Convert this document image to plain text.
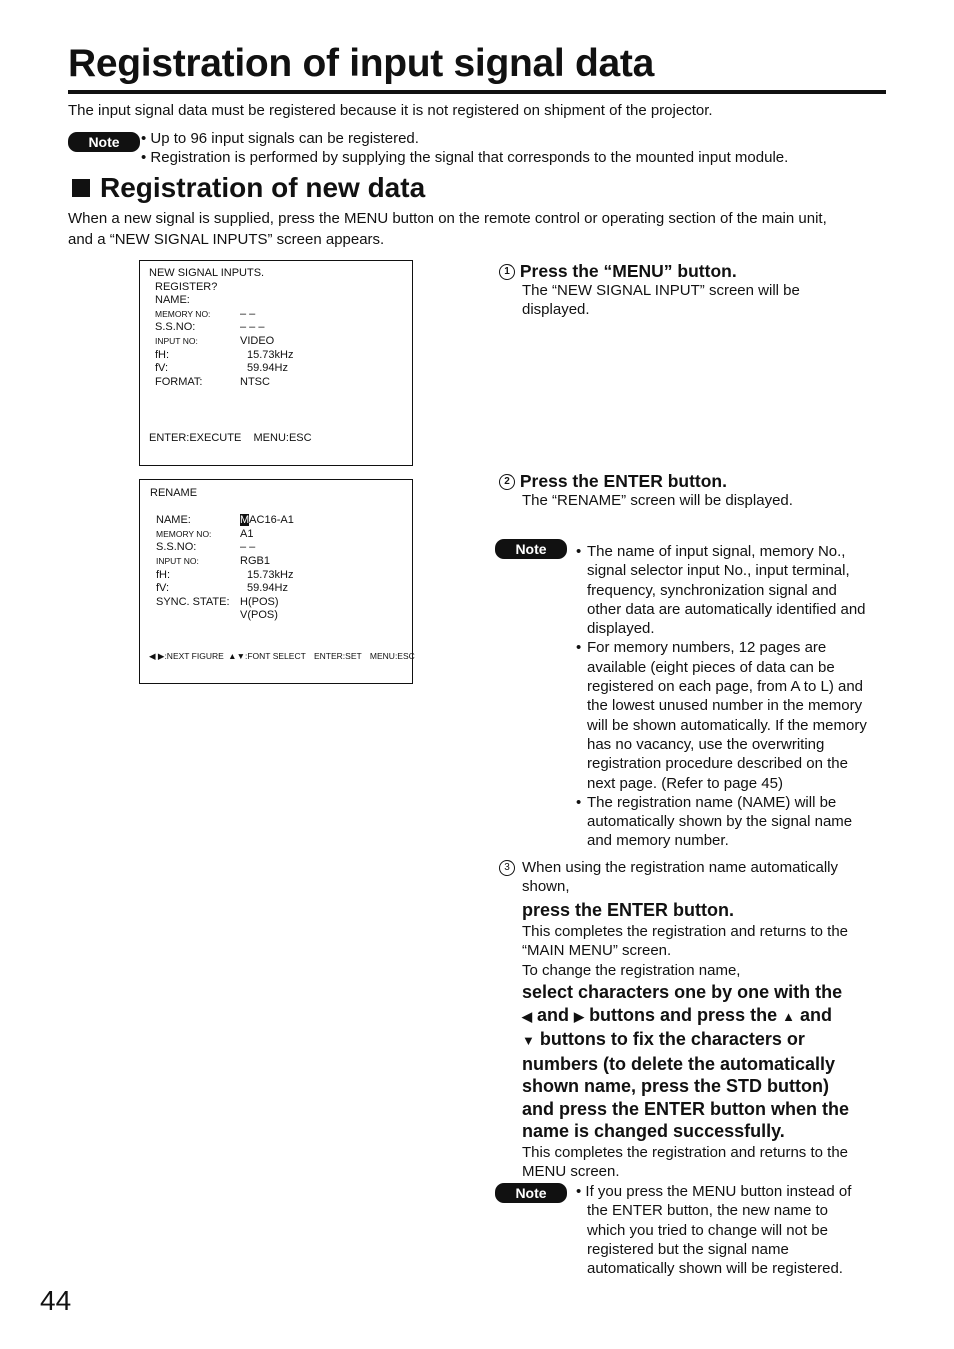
Registration of input signal data
The input signal data must be registered because it is not registered on shipment of the projector.
Note	• Up to 96 input signals can be registered.
• Registration is performed by supplying the signal that corresponds to the mounted input module.
Registration of new data
When a new signal is supplied, press the MENU button on the remote control or operating section of the main unit,
and a “NEW SIGNAL INPUTS” screen appears.
NEW SIGNAL INPUTS.
REGISTER?
NAME:
MEMORY NO:	– –
S.S.NO:	– – –
INPUT NO:	VIDEO
fH:	15.73kHz
fV:	59.94Hz
FORMAT:	NTSC
ENTER:EXECUTE    MENU:ESC
RENAME
NAME:	MAC16-A1
MEMORY NO:	A1
S.S.NO:	– –
INPUT NO:	RGB1
fH:	15.73kHz
fV:	59.94Hz
SYNC. STATE: H(POS)
V(POS)
◀ ▶:NEXT FIGURE ▲▼:FONT SELECT ENTER:SET MENU:ESC
1 Press the “MENU” button.
The “NEW SIGNAL INPUT” screen will be
displayed.
2 Press the ENTER button.
The “RENAME” screen will be displayed.
Note
•	The name of input signal, memory No.,
signal selector input No., input terminal,
frequency, synchronization signal and
other data are automatically identified and
displayed.
• For memory numbers, 12 pages are
available (eight pieces of data can be
registered on each page, from A to L) and
the lowest unused number in the memory
will be shown automatically. If the memory
has no vacancy, use the overwriting
registration procedure described on the
next page. (Refer to page 45)
• The registration name (NAME) will be
automatically shown by the signal name
and memory number.
3 When using the registration name automatically
shown,
press the ENTER button.
This completes the registration and returns to the
“MAIN MENU” screen.
To change the registration name,
select characters one by one with the
◀ and ▶ buttons and press the ▲ and
▼ buttons to fix the characters or
numbers (to delete the automatically
shown name, press the STD button)
and press the ENTER button when the
name is changed successfully.
This completes the registration and returns to the
MENU screen.
Note	• If you press the MENU button instead of
the ENTER button, the new name to
which you tried to change will not be
registered but the signal name
automatically shown will be registered.
44
